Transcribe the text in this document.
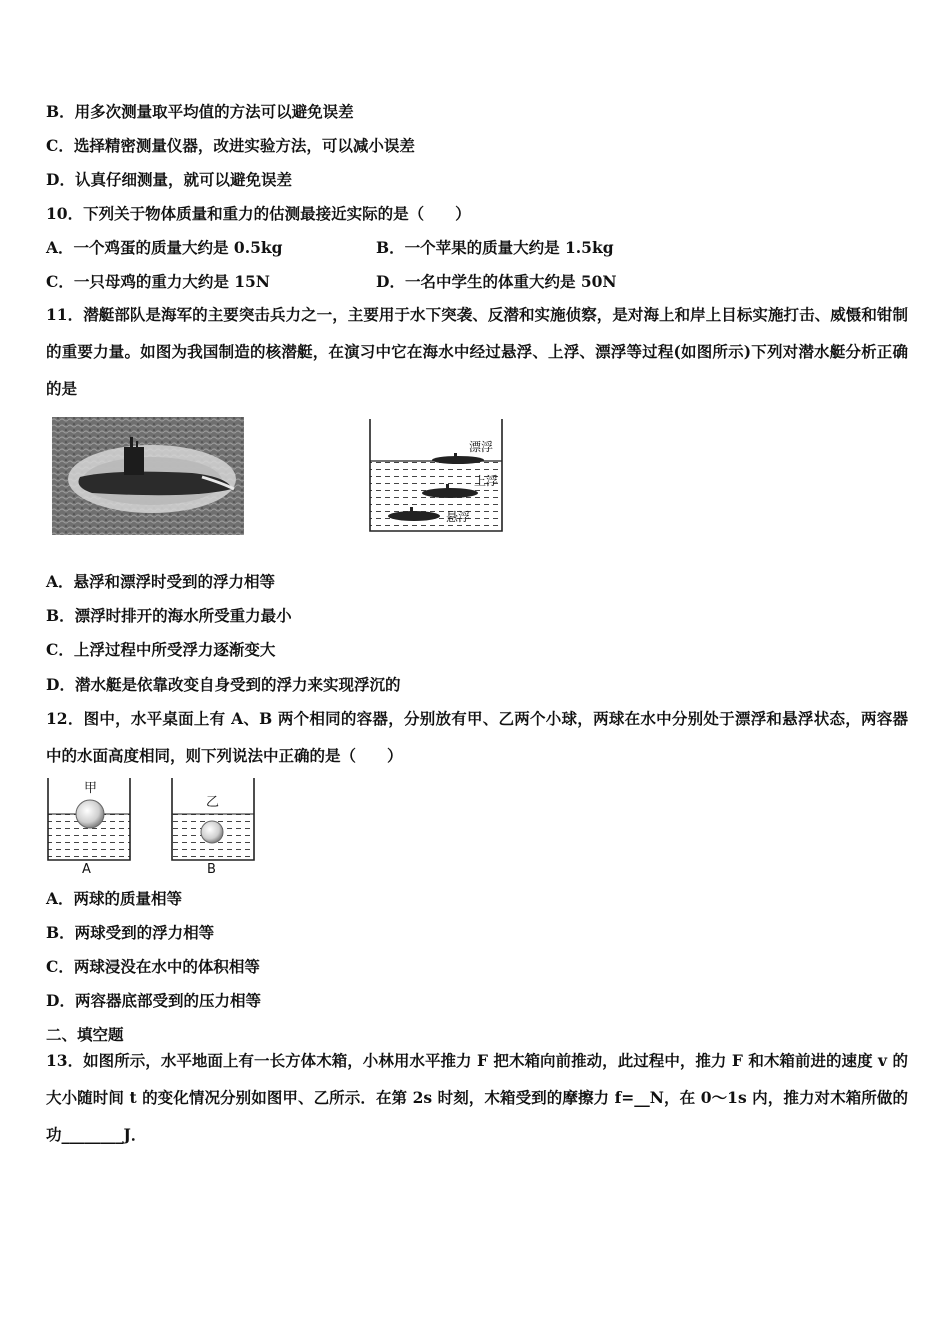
B．用多次测量取平均值的方法可以避免误差
C．选择精密测量仪器，改进实验方法，可以减小误差
D．认真仔细测量，就可以避免误差
10．下列关于物体质量和重力的估测最接近实际的是（　　）
A．一个鸡蛋的质量大约是 0.5kg	B．一个苹果的质量大约是 1.5kg
C．一只母鸡的重力大约是 15N	D．一名中学生的体重大约是 50N
11．潜艇部队是海军的主要突击兵力之一，主要用于水下突袭、反潜和实施侦察，是对海上和岸上目标实施打击、威慑和钳制的重要力量。如图为我国制造的核潜艇，在演习中它在海水中经过悬浮、上浮、漂浮等过程(如图所示)下列对潜水艇分析正确的是
漂浮
上浮
悬浮
A．悬浮和漂浮时受到的浮力相等
B．漂浮时排开的海水所受重力最小
C．上浮过程中所受浮力逐渐变大
D．潜水艇是依靠改变自身受到的浮力来实现浮沉的
12．图中，水平桌面上有 A、B 两个相同的容器，分别放有甲、乙两个小球，两球在水中分别处于漂浮和悬浮状态，两容器中的水面高度相同，则下列说法中正确的是（　　）
甲
A
乙
B
A．两球的质量相等
B．两球受到的浮力相等
C．两球浸没在水中的体积相等
D．两容器底部受到的压力相等
二、填空题
13．如图所示，水平地面上有一长方体木箱，小林用水平推力 F 把木箱向前推动，此过程中，推力 F 和木箱前进的速度 v 的大小随时间 t 的变化情况分别如图甲、乙所示．在第 2s 时刻，木箱受到的摩擦力 f=__N，在 0～1s 内，推力对木箱所做的功________J．
